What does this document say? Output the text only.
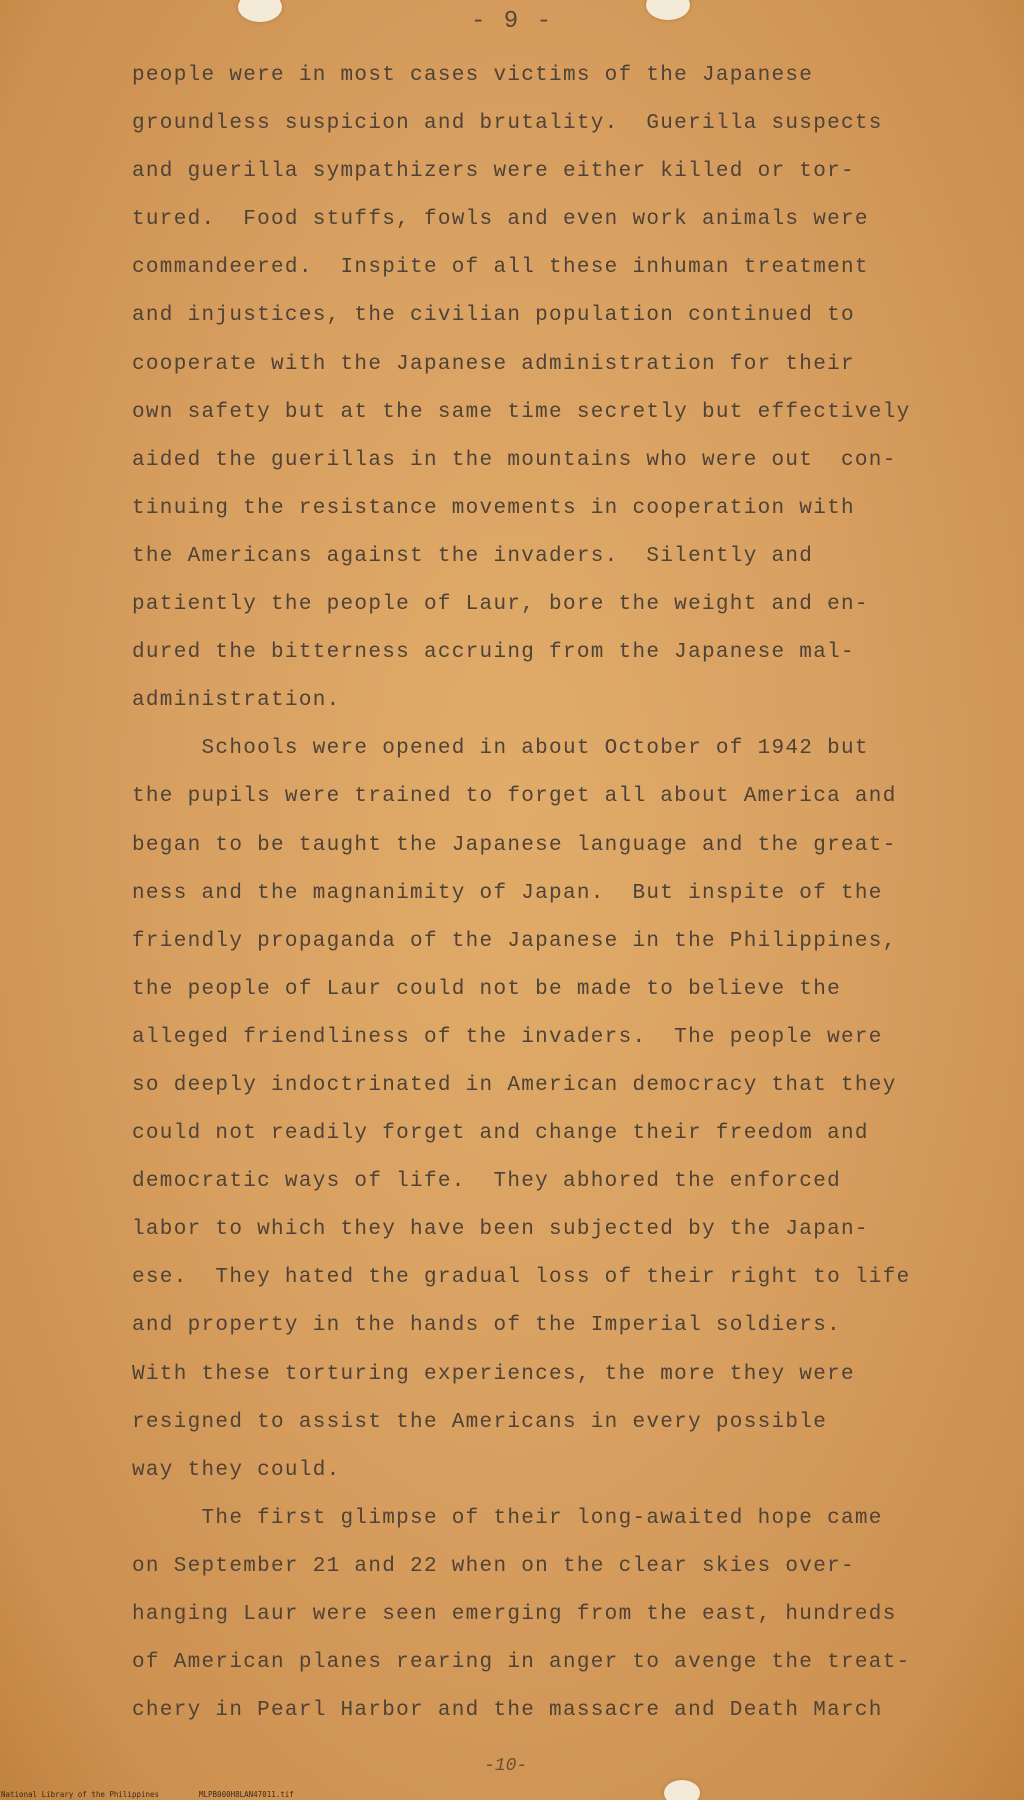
- 9 -
people were in most cases victims of the Japanese
groundless suspicion and brutality.  Guerilla suspects
and guerilla sympathizers were either killed or tor-
tured.  Food stuffs, fowls and even work animals were
commandeered.  Inspite of all these inhuman treatment
and injustices, the civilian population continued to
cooperate with the Japanese administration for their
own safety but at the same time secretly but effectively
aided the guerillas in the mountains who were out  con-
tinuing the resistance movements in cooperation with
the Americans against the invaders.  Silently and
patiently the people of Laur, bore the weight and en-
dured the bitterness accruing from the Japanese mal-
administration.
Schools were opened in about October of 1942 but
the pupils were trained to forget all about America and
began to be taught the Japanese language and the great-
ness and the magnanimity of Japan.  But inspite of the
friendly propaganda of the Japanese in the Philippines,
the people of Laur could not be made to believe the
alleged friendliness of the invaders.  The people were
so deeply indoctrinated in American democracy that they
could not readily forget and change their freedom and
democratic ways of life.  They abhored the enforced
labor to which they have been subjected by the Japan-
ese.  They hated the gradual loss of their right to life
and property in the hands of the Imperial soldiers.
With these torturing experiences, the more they were
resigned to assist the Americans in every possible
way they could.
The first glimpse of their long-awaited hope came
on September 21 and 22 when on the clear skies over-
hanging Laur were seen emerging from the east, hundreds
of American planes rearing in anger to avenge the treat-
chery in Pearl Harbor and the massacre and Death March
-10-

National Library of the Philippines

	MLPB000H8LAN47011.tif
